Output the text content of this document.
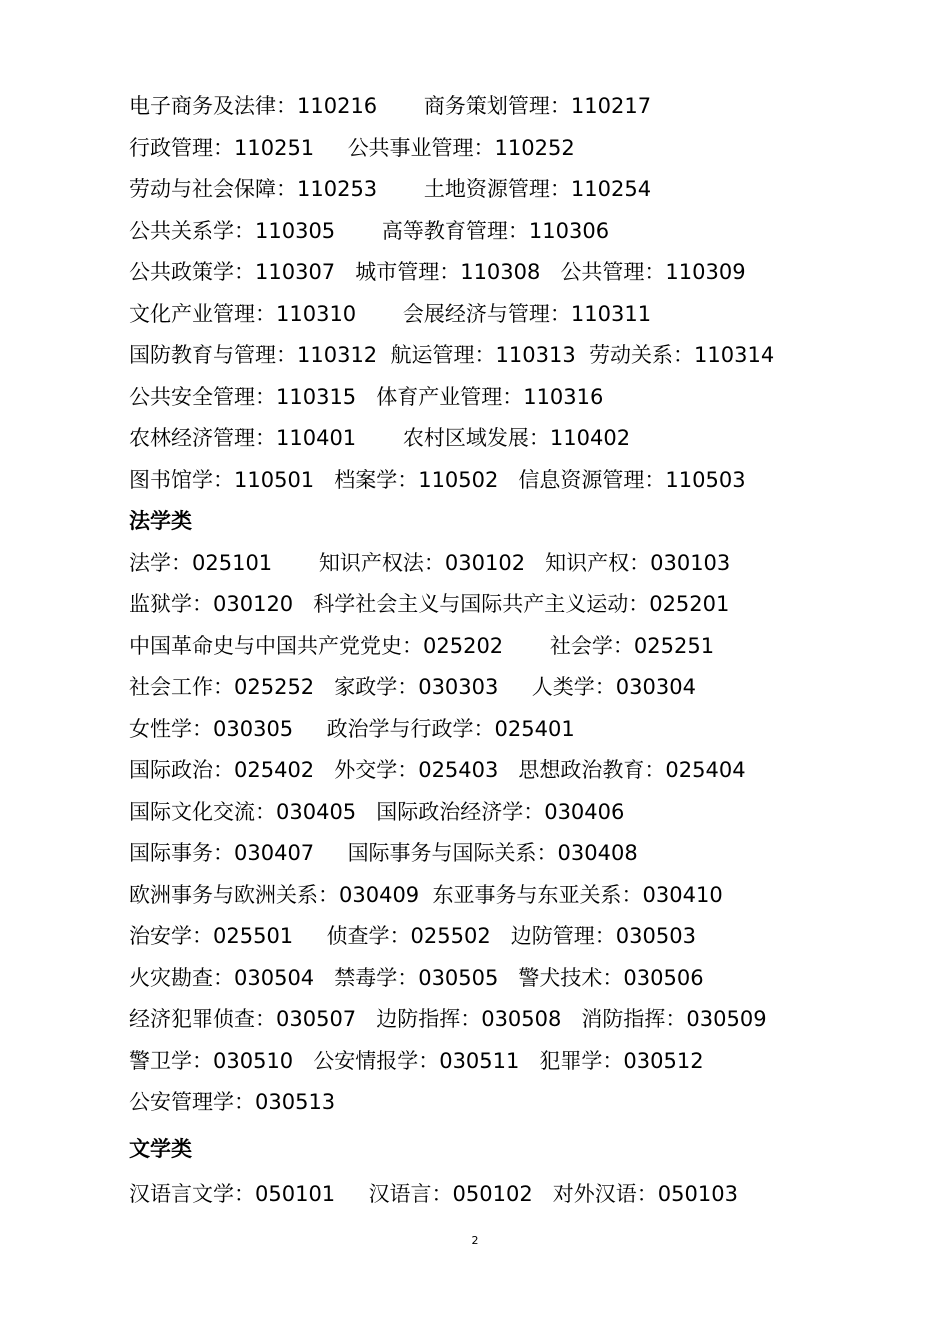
电子商务及法律：110216 商务策划管理：110217
行政管理：110251 公共事业管理：110252
劳动与社会保障：110253 土地资源管理：110254
公共关系学：110305 高等教育管理：110306
公共政策学：110307 城市管理：110308 公共管理：110309
文化产业管理：110310 会展经济与管理：110311
国防教育与管理：110312 航运管理：110313 劳动关系：110314
公共安全管理：110315 体育产业管理：110316
农林经济管理：110401 农村区域发展：110402
图书馆学：110501 档案学：110502 信息资源管理：110503
法学类
法学：025101 知识产权法：030102 知识产权：030103
监狱学：030120 科学社会主义与国际共产主义运动：025201
中国革命史与中国共产党党史：025202 社会学：025251
社会工作：025252 家政学：030303 人类学：030304
女性学：030305 政治学与行政学：025401
国际政治：025402 外交学：025403 思想政治教育：025404
国际文化交流：030405 国际政治经济学：030406
国际事务：030407 国际事务与国际关系：030408
欧洲事务与欧洲关系：030409 东亚事务与东亚关系：030410
治安学：025501 侦查学：025502 边防管理：030503
火灾勘查：030504 禁毒学：030505 警犬技术：030506
经济犯罪侦查：030507 边防指挥：030508 消防指挥：030509
警卫学：030510 公安情报学：030511 犯罪学：030512
公安管理学：030513
文学类
汉语言文学：050101 汉语言：050102 对外汉语：050103
2
